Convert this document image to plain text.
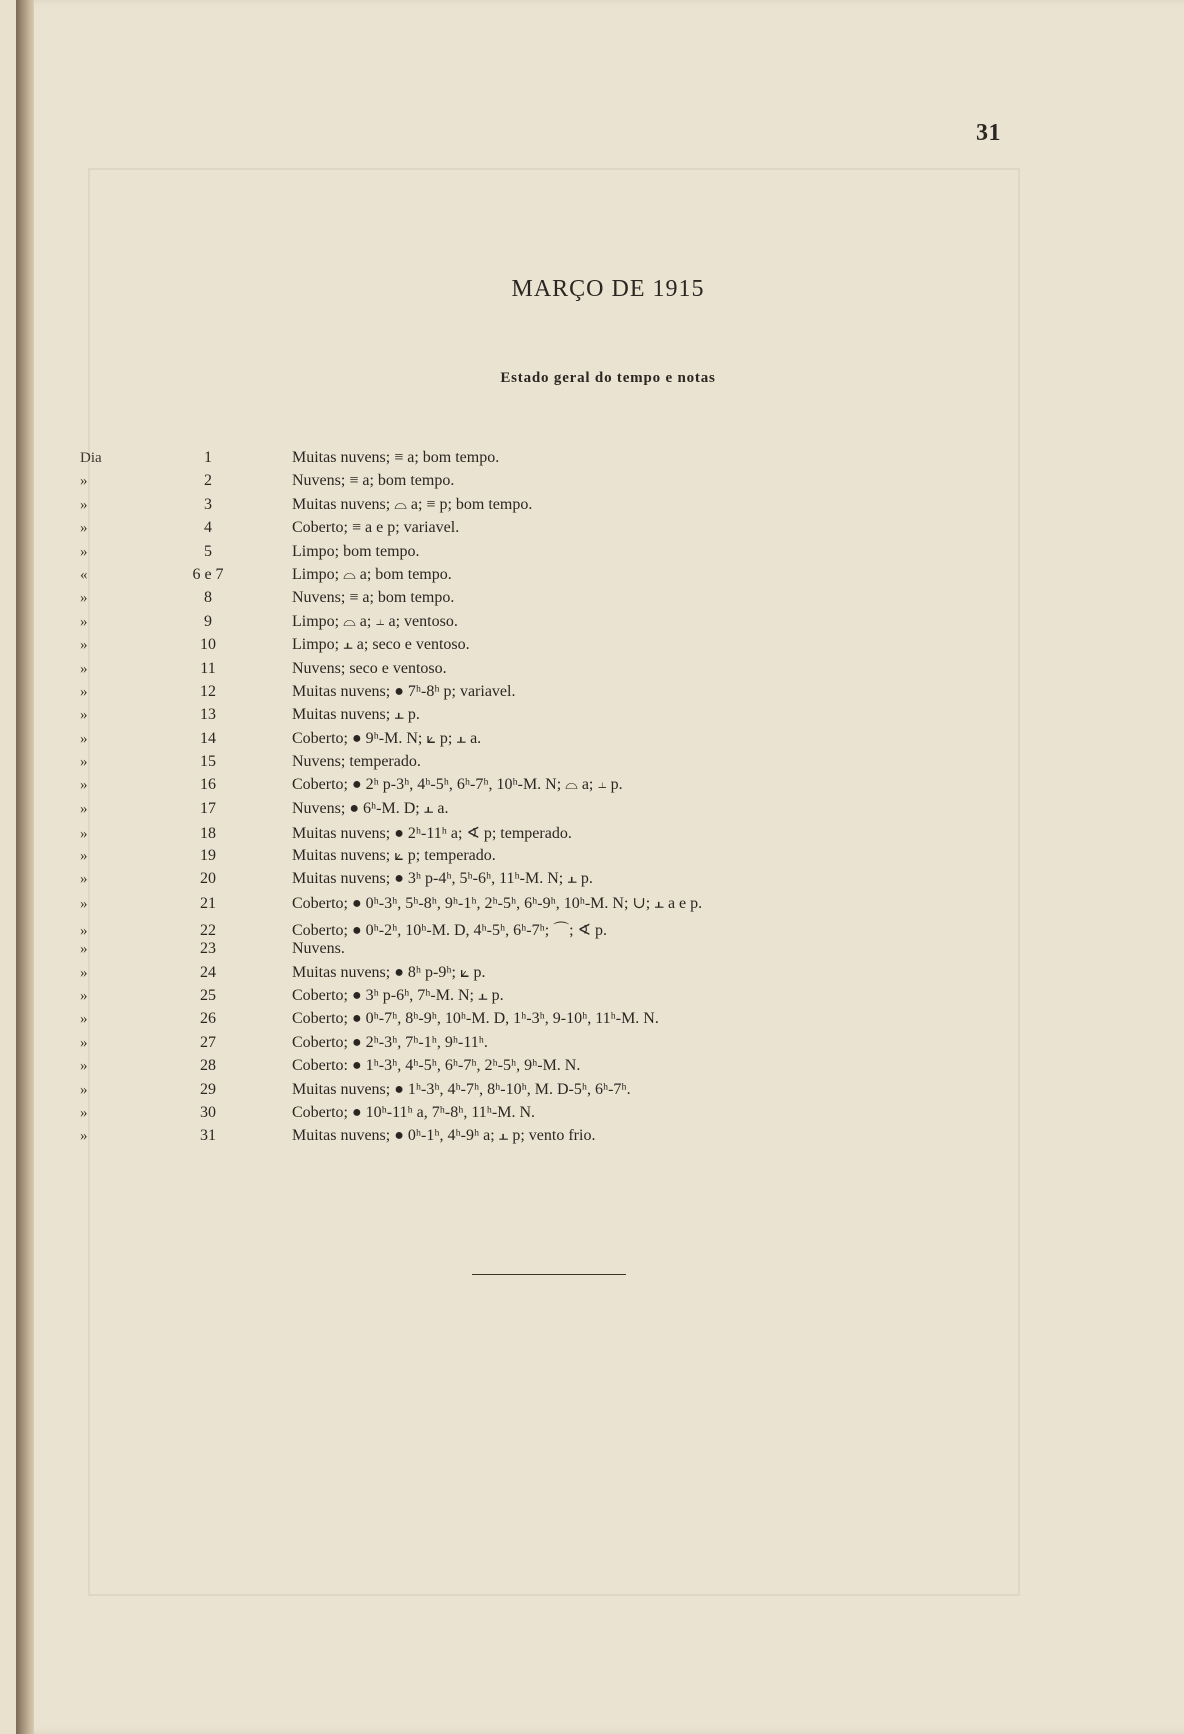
31
MARÇO DE 1915
Estado geral do tempo e notas
Dia	1	Muitas nuvens; ≡ a; bom tempo.
»	2	Nuvens; ≡ a; bom tempo.
»	3	Muitas nuvens; ⌓ a; ≡ p; bom tempo.
»	4	Coberto; ≡ a e p; variavel.
»	5	Limpo; bom tempo.
«	6 e 7	Limpo; ⌓ a; bom tempo.
»	8	Nuvens; ≡ a; bom tempo.
»	9	Limpo; ⌓ a; ⫠ a; ventoso.
»	10	Limpo; ⫠ a; seco e ventoso.
»	11	Nuvens; seco e ventoso.
»	12	Muitas nuvens; ● 7ʰ-8ʰ p; variavel.
»	13	Muitas nuvens; ⫠ p.
»	14	Coberto; ● 9ʰ-M. N; ⟀ p; ⫠ a.
»	15	Nuvens; temperado.
»	16	Coberto; ● 2ʰ p-3ʰ, 4ʰ-5ʰ, 6ʰ-7ʰ, 10ʰ-M. N; ⌓ a; ⫠ p.
»	17	Nuvens; ● 6ʰ-M. D; ⫠ a.
»	18	Muitas nuvens; ● 2ʰ-11ʰ a; ∢ p; temperado.
»	19	Muitas nuvens; ⟀ p; temperado.
»	20	Muitas nuvens; ● 3ʰ p-4ʰ, 5ʰ-6ʰ, 11ʰ-M. N; ⫠ p.
»	21	Coberto; ● 0ʰ-3ʰ, 5ʰ-8ʰ, 9ʰ-1ʰ, 2ʰ-5ʰ, 6ʰ-9ʰ, 10ʰ-M. N; ∪; ⫠ a e p.
»	22	Coberto; ● 0ʰ-2ʰ, 10ʰ-M. D, 4ʰ-5ʰ, 6ʰ-7ʰ; ⌒; ∢ p.
»	23	Nuvens.
»	24	Muitas nuvens; ● 8ʰ p-9ʰ; ⟀ p.
»	25	Coberto; ● 3ʰ p-6ʰ, 7ʰ-M. N; ⫠ p.
»	26	Coberto; ● 0ʰ-7ʰ, 8ʰ-9ʰ, 10ʰ-M. D, 1ʰ-3ʰ, 9-10ʰ, 11ʰ-M. N.
»	27	Coberto; ● 2ʰ-3ʰ, 7ʰ-1ʰ, 9ʰ-11ʰ.
»	28	Coberto: ● 1ʰ-3ʰ, 4ʰ-5ʰ, 6ʰ-7ʰ, 2ʰ-5ʰ, 9ʰ-M. N.
»	29	Muitas nuvens; ● 1ʰ-3ʰ, 4ʰ-7ʰ, 8ʰ-10ʰ, M. D-5ʰ, 6ʰ-7ʰ.
»	30	Coberto; ● 10ʰ-11ʰ a, 7ʰ-8ʰ, 11ʰ-M. N.
»	31	Muitas nuvens; ● 0ʰ-1ʰ, 4ʰ-9ʰ a; ⫠ p; vento frio.
